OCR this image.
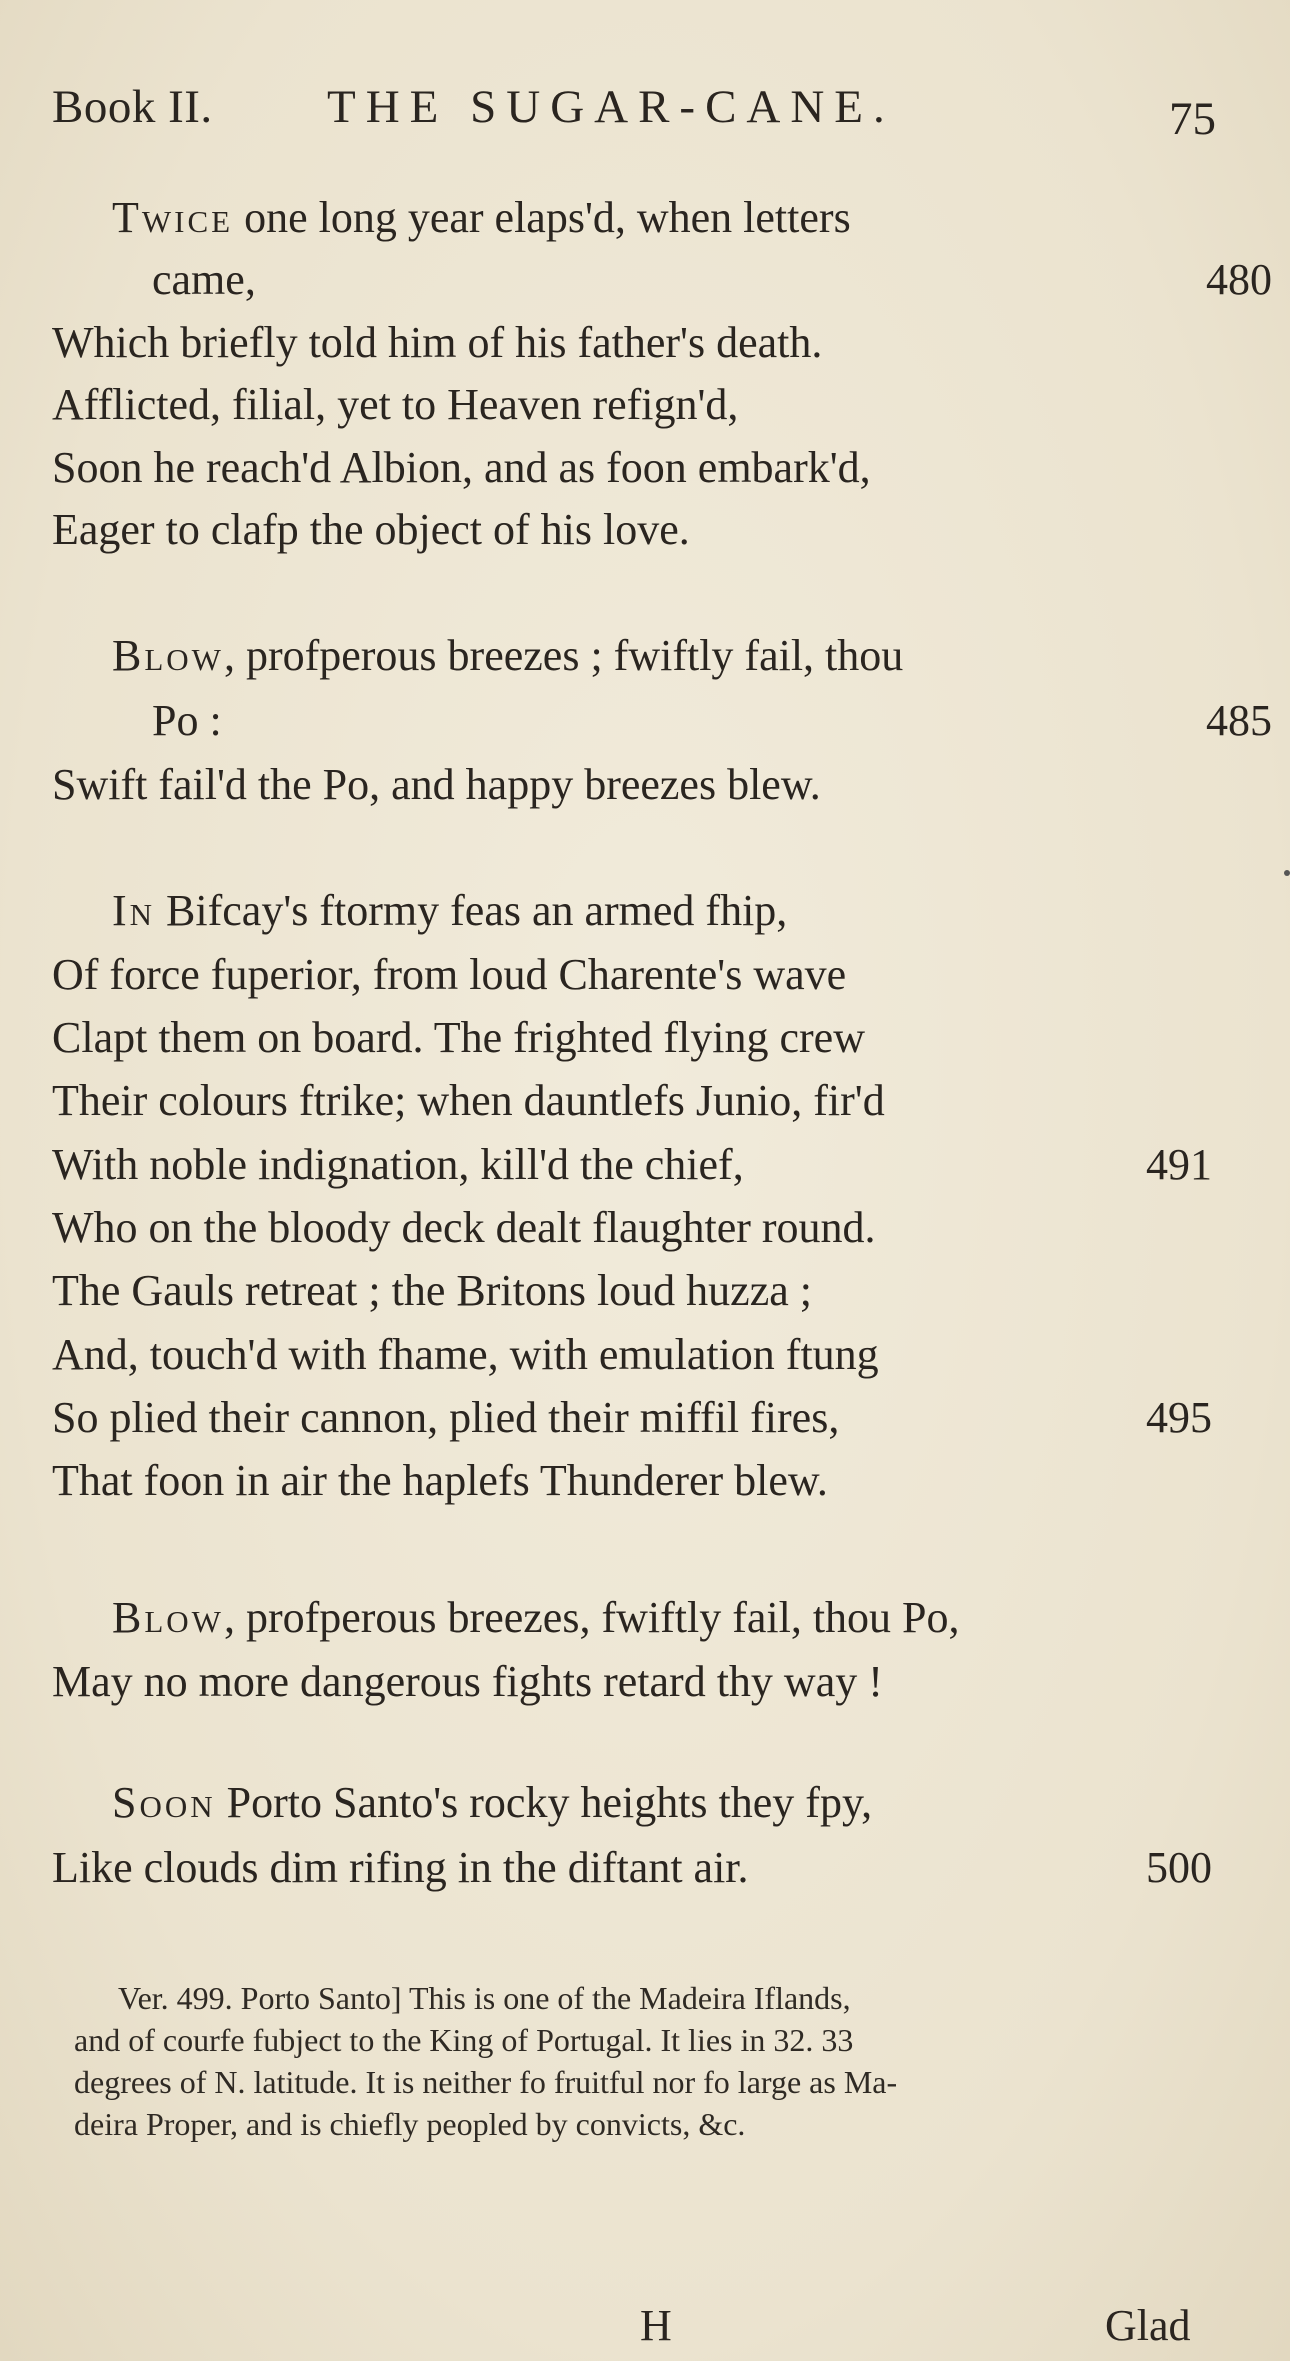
Book II. THE SUGAR-CANE.	75
Twice one long year elaps'd, when letters
came,	480
Which briefly told him of his father's death.
Afflicted, filial, yet to Heaven refign'd,
Soon he reach'd Albion, and as foon embark'd,
Eager to clafp the object of his love.
Blow, profperous breezes ; fwiftly fail, thou
Po :	485
Swift fail'd the Po, and happy breezes blew.
In Bifcay's ftormy feas an armed fhip,
Of force fuperior, from loud Charente's wave
Clapt them on board. The frighted flying crew
Their colours ftrike; when dauntlefs Junio, fir'd
With noble indignation, kill'd the chief,	491
Who on the bloody deck dealt flaughter round.
The Gauls retreat ; the Britons loud huzza ;
And, touch'd with fhame, with emulation ftung
So plied their cannon, plied their miffil fires,	495
That foon in air the haplefs Thunderer blew.
Blow, profperous breezes, fwiftly fail, thou Po,
May no more dangerous fights retard thy way !
Soon Porto Santo's rocky heights they fpy,
Like clouds dim rifing in the diftant air.	500
Ver. 499. Porto Santo] This is one of the Madeira Iflands,
and of courfe fubject to the King of Portugal. It lies in 32. 33
degrees of N. latitude. It is neither fo fruitful nor fo large as Ma-
deira Proper, and is chiefly peopled by convicts, &c.
H	Glad
